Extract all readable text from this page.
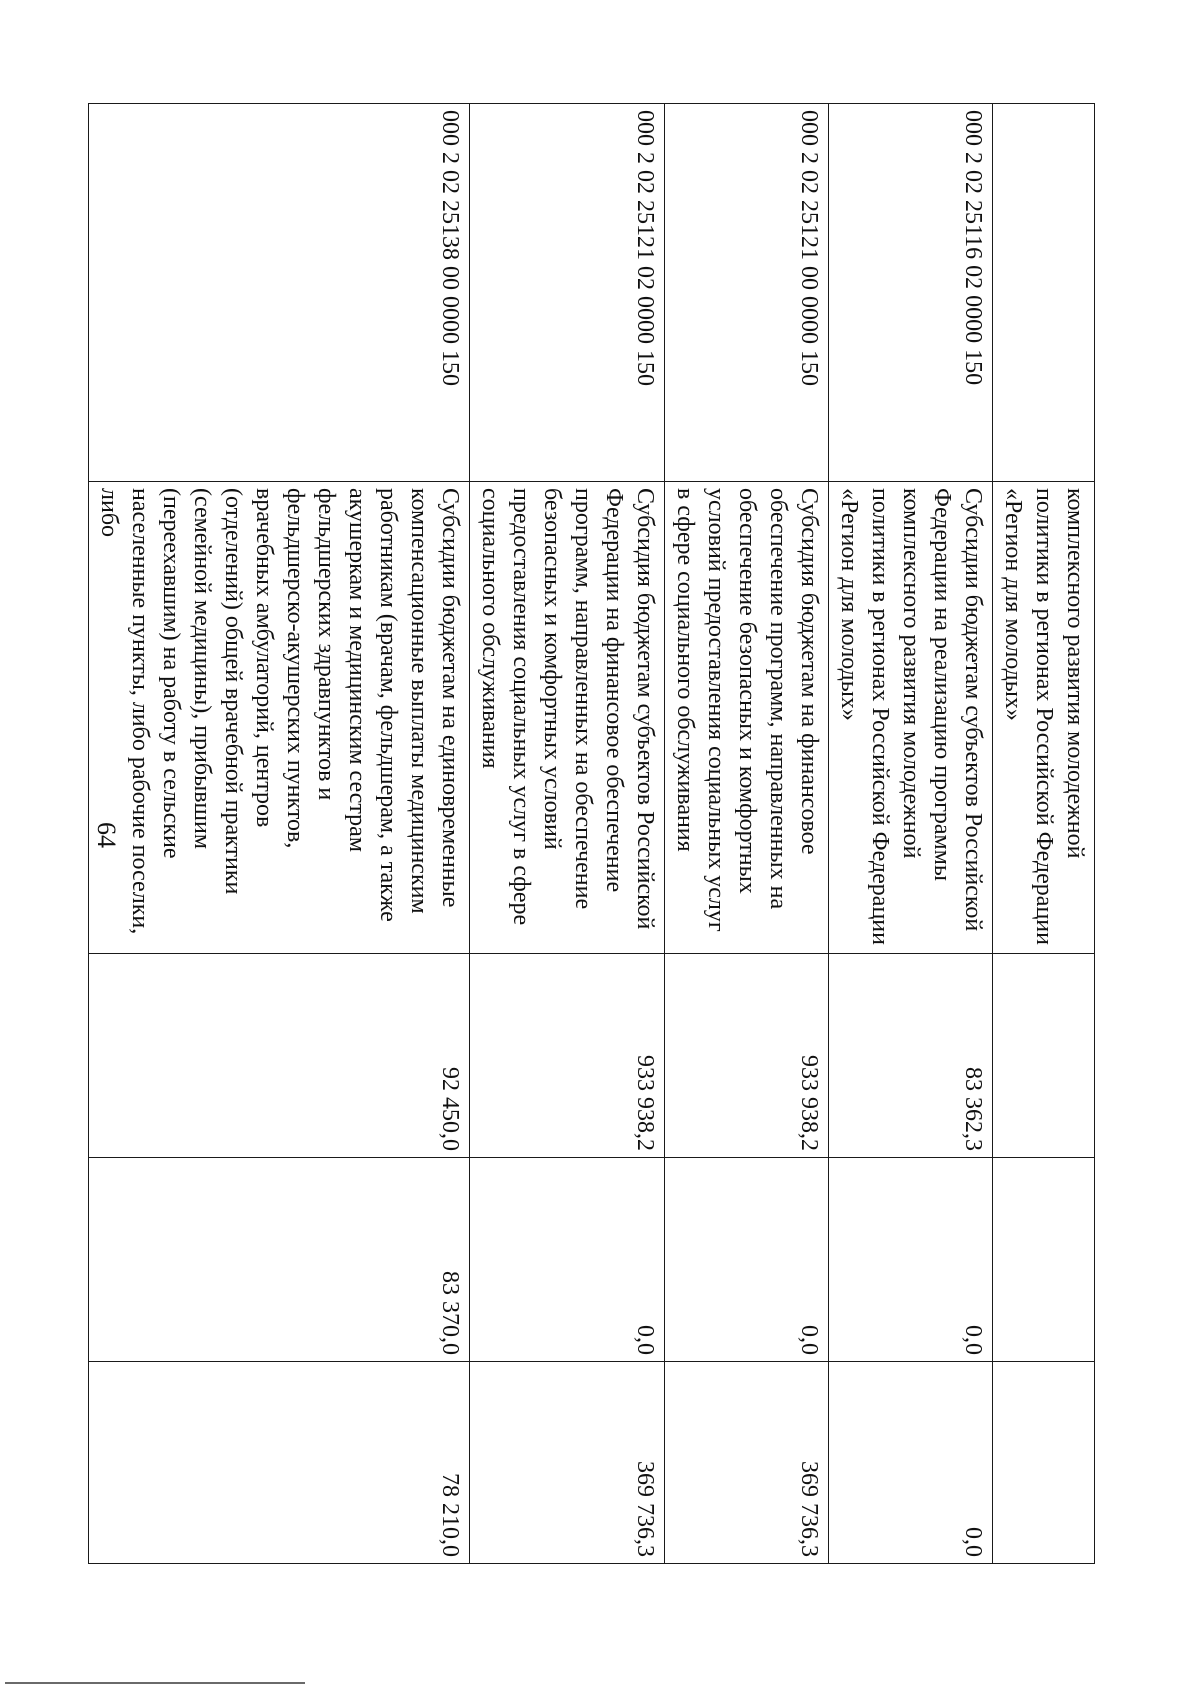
64
		комплексного развития молодежной политики в регионах Российской Федерации «Регион для молодых»			
000 2 02 25116 02 0000 150	Субсидии бюджетам субъектов Российской Федерации на реализацию программы комплексного развития молодежной политики в регионах Российской Федерации «Регион для молодых»	83 362,3	0,0	0,0
000 2 02 25121 00 0000 150	Субсидия бюджетам на финансовое обеспечение программ, направленных на обеспечение безопасных и комфортных условий предоставления социальных услуг в сфере социального обслуживания	933 938,2	0,0	369 736,3
000 2 02 25121 02 0000 150	Субсидия бюджетам субъектов Российской Федерации на финансовое обеспечение программ, направленных на обеспечение безопасных и комфортных условий предоставления социальных услуг в сфере социального обслуживания	933 938,2	0,0	369 736,3
000 2 02 25138 00 0000 150	Субсидии бюджетам на единовременные компенсационные выплаты медицинским работникам (врачам, фельдшерам, а также акушеркам и медицинским сестрам фельдшерских здравпунктов и фельдшерско-акушерских пунктов, врачебных амбулаторий, центров (отделений) общей врачебной практики (семейной медицины), прибывшим (переехавшим) на работу в сельские населенные пункты, либо рабочие поселки, либо	92 450,0	83 370,0	78 210,0
